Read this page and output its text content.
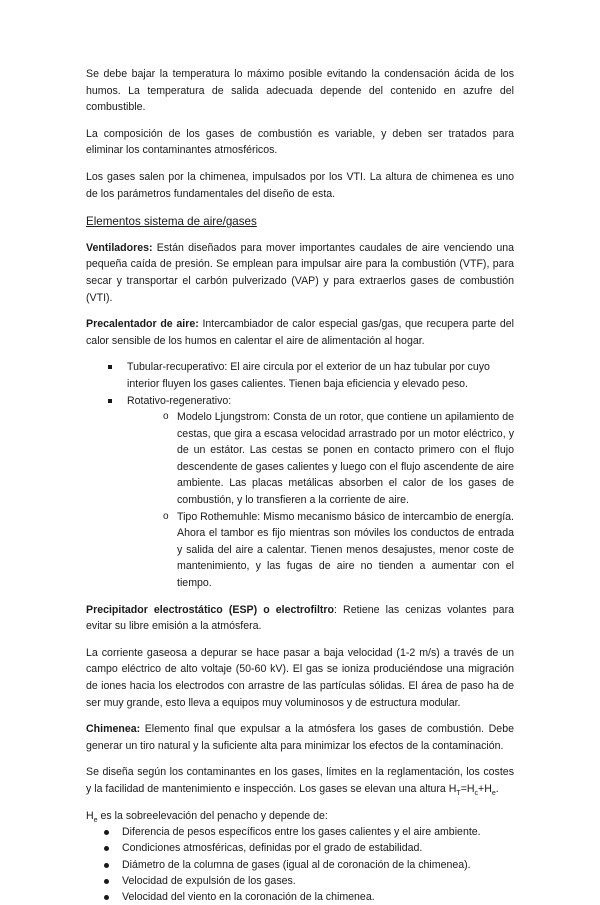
Se debe bajar la temperatura lo máximo posible evitando la condensación ácida de los humos. La temperatura de salida adecuada depende del contenido en azufre del combustible.

La composición de los gases de combustión es variable, y deben ser tratados para eliminar los contaminantes atmosféricos.

Los gases salen por la chimenea, impulsados por los VTI. La altura de chimenea es uno de los parámetros fundamentales del diseño de esta.

Elementos sistema de aire/gases

Ventiladores: Están diseñados para mover importantes caudales de aire venciendo una pequeña caída de presión. Se emplean para impulsar aire para la combustión (VTF), para secar y transportar el carbón pulverizado (VAP) y para extraerlos gases de combustión (VTI).

Precalentador de aire: Intercambiador de calor especial gas/gas, que recupera parte del calor sensible de los humos en calentar el aire de alimentación al hogar.

Tubular-recuperativo: El aire circula por el exterior de un haz tubular por cuyo interior fluyen los gases calientes. Tienen baja eficiencia y elevado peso.
Rotativo-regenerativo:
o Modelo Ljungstrom: Consta de un rotor, que contiene un apilamiento de cestas, que gira a escasa velocidad arrastrado por un motor eléctrico, y de un estátor. Las cestas se ponen en contacto primero con el flujo descendente de gases calientes y luego con el flujo ascendente de aire ambiente. Las placas metálicas absorben el calor de los gases de combustión, y lo transfieren a la corriente de aire.
o Tipo Rothemuhle: Mismo mecanismo básico de intercambio de energía. Ahora el tambor es fijo mientras son móviles los conductos de entrada y salida del aire a calentar. Tienen menos desajustes, menor coste de mantenimiento, y las fugas de aire no tienden a aumentar con el tiempo.

Precipitador electrostático (ESP) o electrofiltro: Retiene las cenizas volantes para evitar su libre emisión a la atmósfera.

La corriente gaseosa a depurar se hace pasar a baja velocidad (1-2 m/s) a través de un campo eléctrico de alto voltaje (50-60 kV). El gas se ioniza produciéndose una migración de iones hacia los electrodos con arrastre de las partículas sólidas. El área de paso ha de ser muy grande, esto lleva a equipos muy voluminosos y de estructura modular.

Chimenea: Elemento final que expulsar a la atmósfera los gases de combustión. Debe generar un tiro natural y la suficiente alta para minimizar los efectos de la contaminación.

Se diseña según los contaminantes en los gases, límites en la reglamentación, los costes y la facilidad de mantenimiento e inspección. Los gases se elevan una altura $H_T=H_c+H_e$.

$H_e$ es la sobreelevación del penacho y depende de:
Diferencia de pesos específicos entre los gases calientes y el aire ambiente.
Condiciones atmosféricas, definidas por el grado de estabilidad.
Diámetro de la columna de gases (igual al de coronación de la chimenea).
Velocidad de expulsión de los gases.
Velocidad del viento en la coronación de la chimenea.
